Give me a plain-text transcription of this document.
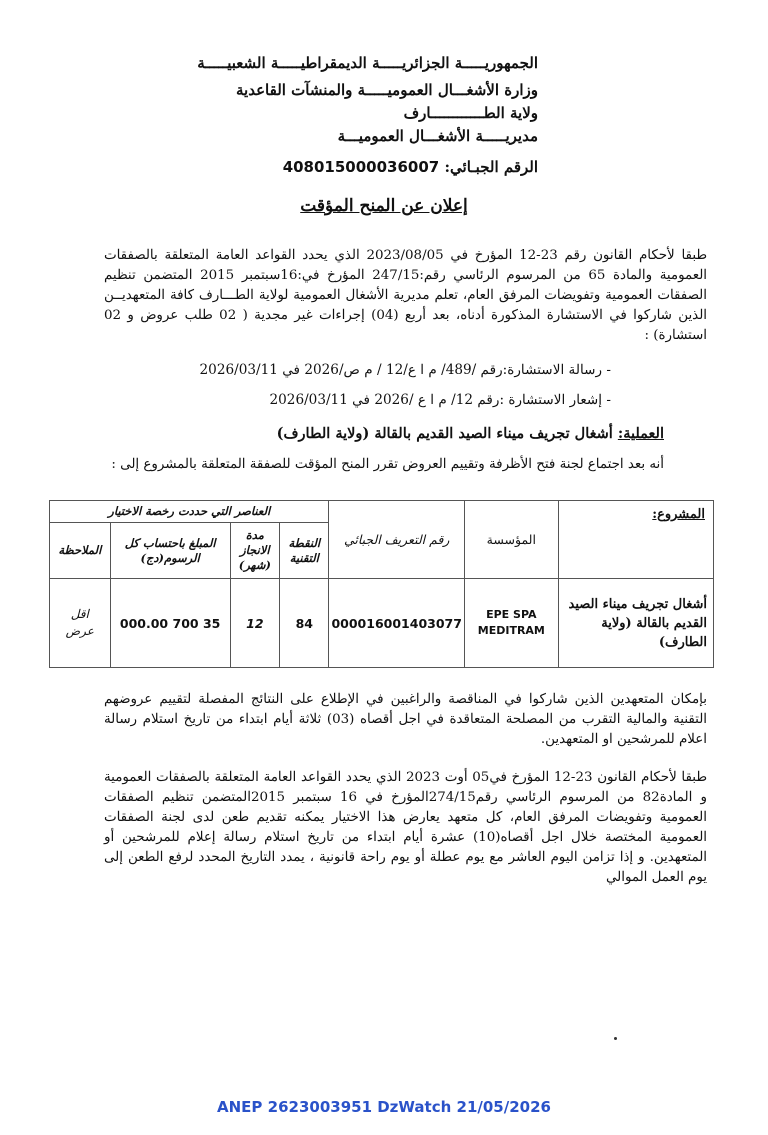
الجمهوريـــــة الجزائريـــــة الديمقراطيـــــة الشعبيـــــة
وزارة الأشغـــال العموميـــــة والمنشآت القاعدية
ولاية الطــــــــــــارف
مديريـــــة الأشغـــال العموميـــة
الرقم الجبـائي: 408015000036007
إعلان عن المنح المؤقت
طبقا لأحكام القانون رقم 23-12 المؤرخ في 2023/08/05 الذي يحدد القواعد العامة المتعلقة بالصفقات العمومية والمادة 65 من المرسوم الرئاسي رقم:247/15 المؤرخ في:16سبتمبر 2015 المتضمن تنظيم الصفقات العمومية وتفويضات المرفق العام، تعلم مديرية الأشغال العمومية لولاية الطـــارف كافة المتعهديــن الذين شاركوا في الاستشارة المذكورة أدناه، بعد أربع (04) إجراءات غير مجدية ( 02 طلب عروض و 02 استشارة) :
- رسالة الاستشارة:رقم /489/ م ا ع/12 / م ص/2026 في 2026/03/11
- إشعار الاستشارة :رقم 12/ م ا ع /2026 في 2026/03/11
العملية: أشغال تجريف ميناء الصيد القديم بالقالة (ولاية الطارف)
أنه بعد اجتماع لجنة فتح الأظرفة وتقييم العروض تقرر المنح المؤقت للصفقة المتعلقة بالمشروع إلى :
المشروع:	المؤسسة	رقم التعريف الجبائي	العناصر التي حددت رخصة الاختيار			
			النقطة التقنية	مدة الانجاز (شهر)	المبلغ باحتساب كل الرسوم(دج)	الملاحظة
أشغال تجريف ميناء الصيد القديم بالقالة (ولاية الطارف)	EPE SPA MEDITRAM	000016001403077	84	12	35 700 000.00	اقل عرض
بإمكان المتعهدين الذين شاركوا في المناقصة والراغبين في الإطلاع على النتائج المفصلة لتقييم عروضهم التقنية والمالية التقرب من المصلحة المتعاقدة في اجل أقصاه (03) ثلاثة أيام ابتداء من تاريخ استلام رسالة اعلام للمرشحين او المتعهدين.
طبقا لأحكام القانون 23-12 المؤرخ في05 أوت 2023 الذي يحدد القواعد العامة المتعلقة بالصفقات العمومية و المادة82 من المرسوم الرئاسي رقم274/15المؤرخ في 16 سبتمبر 2015المتضمن تنظيم الصفقات العمومية وتفويضات المرفق العام، كل متعهد يعارض هذا الاختيار يمكنه تقديم طعن لدى لجنة الصفقات العمومية المختصة خلال اجل أقصاه(10) عشرة أيام ابتداء من تاريخ استلام رسالة إعلام للمرشحين أو المتعهدين. و إذا تزامن اليوم العاشر مع يوم عطلة أو يوم راحة قانونية ، يمدد التاريخ المحدد لرفع الطعن إلى يوم العمل الموالي
ANEP 2623003951 DzWatch 21/05/2026
